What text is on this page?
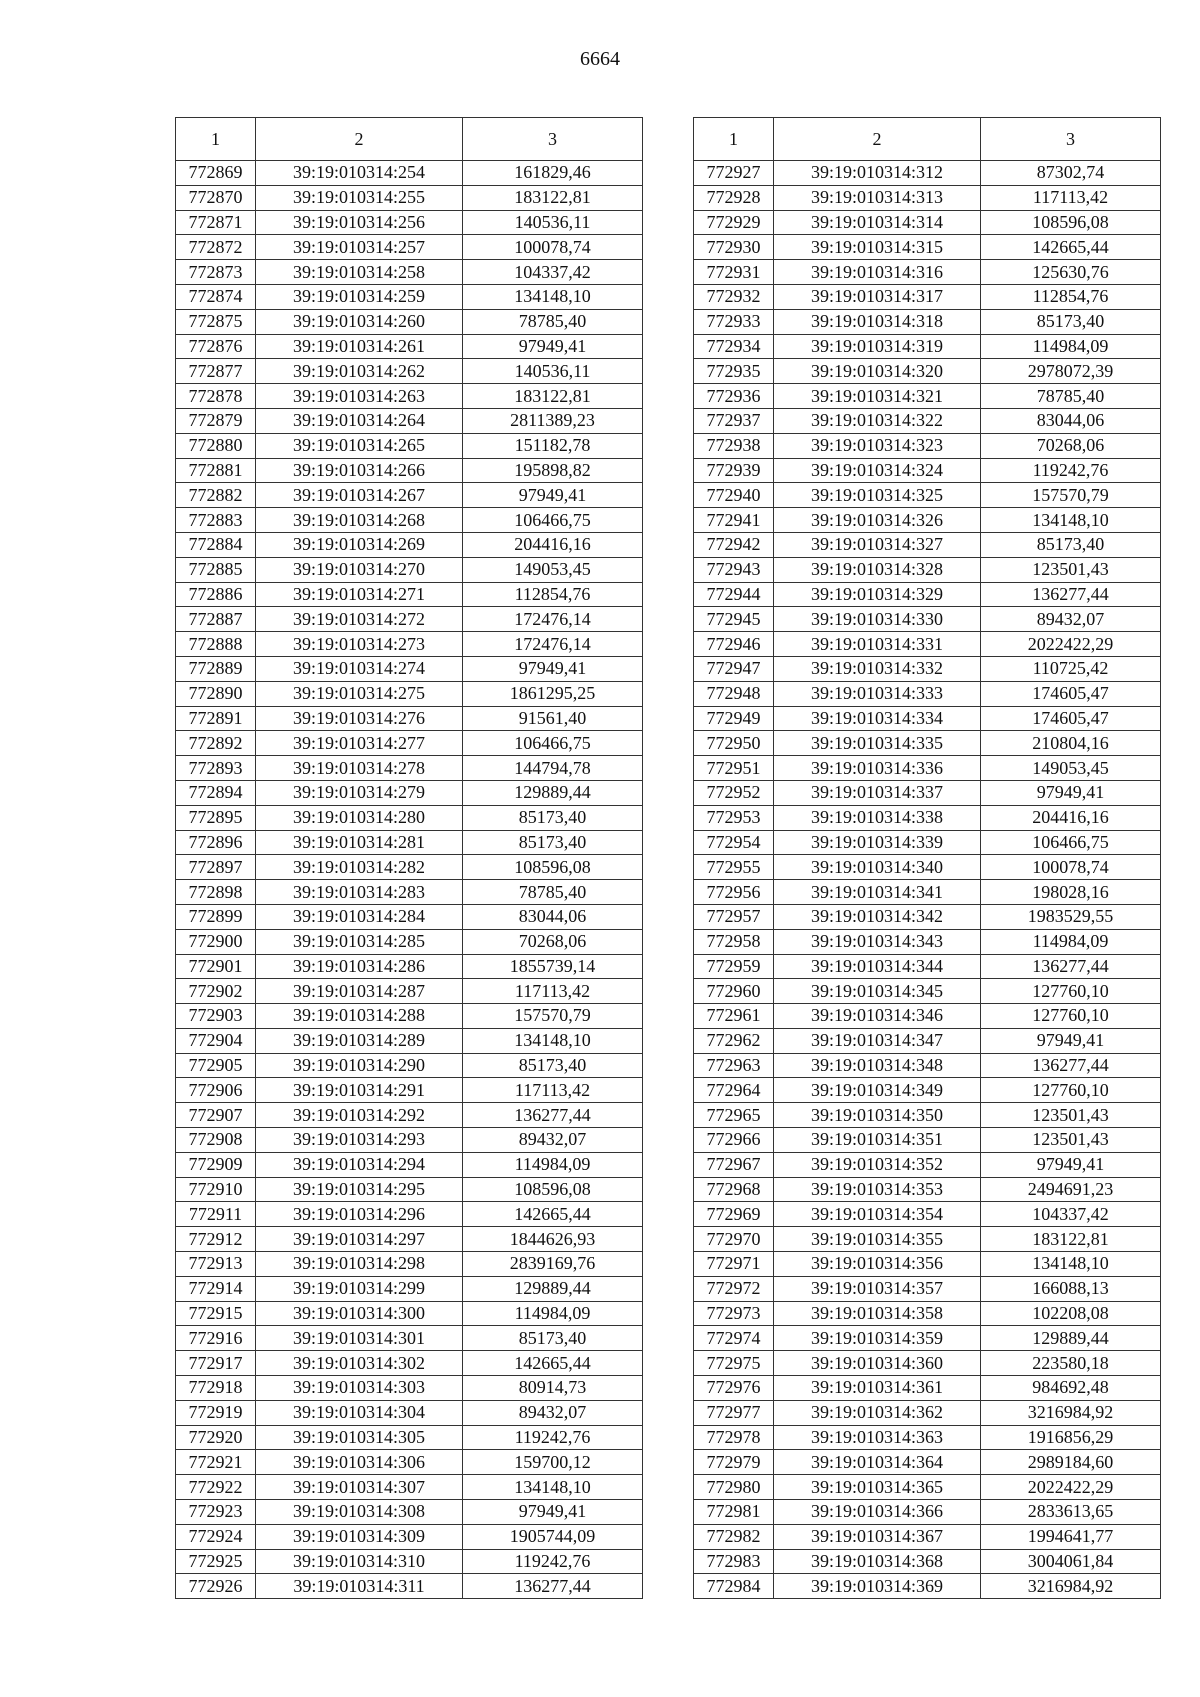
6664
1	2	3
772869	39:19:010314:254	161829,46
772870	39:19:010314:255	183122,81
772871	39:19:010314:256	140536,11
772872	39:19:010314:257	100078,74
772873	39:19:010314:258	104337,42
772874	39:19:010314:259	134148,10
772875	39:19:010314:260	78785,40
772876	39:19:010314:261	97949,41
772877	39:19:010314:262	140536,11
772878	39:19:010314:263	183122,81
772879	39:19:010314:264	2811389,23
772880	39:19:010314:265	151182,78
772881	39:19:010314:266	195898,82
772882	39:19:010314:267	97949,41
772883	39:19:010314:268	106466,75
772884	39:19:010314:269	204416,16
772885	39:19:010314:270	149053,45
772886	39:19:010314:271	112854,76
772887	39:19:010314:272	172476,14
772888	39:19:010314:273	172476,14
772889	39:19:010314:274	97949,41
772890	39:19:010314:275	1861295,25
772891	39:19:010314:276	91561,40
772892	39:19:010314:277	106466,75
772893	39:19:010314:278	144794,78
772894	39:19:010314:279	129889,44
772895	39:19:010314:280	85173,40
772896	39:19:010314:281	85173,40
772897	39:19:010314:282	108596,08
772898	39:19:010314:283	78785,40
772899	39:19:010314:284	83044,06
772900	39:19:010314:285	70268,06
772901	39:19:010314:286	1855739,14
772902	39:19:010314:287	117113,42
772903	39:19:010314:288	157570,79
772904	39:19:010314:289	134148,10
772905	39:19:010314:290	85173,40
772906	39:19:010314:291	117113,42
772907	39:19:010314:292	136277,44
772908	39:19:010314:293	89432,07
772909	39:19:010314:294	114984,09
772910	39:19:010314:295	108596,08
772911	39:19:010314:296	142665,44
772912	39:19:010314:297	1844626,93
772913	39:19:010314:298	2839169,76
772914	39:19:010314:299	129889,44
772915	39:19:010314:300	114984,09
772916	39:19:010314:301	85173,40
772917	39:19:010314:302	142665,44
772918	39:19:010314:303	80914,73
772919	39:19:010314:304	89432,07
772920	39:19:010314:305	119242,76
772921	39:19:010314:306	159700,12
772922	39:19:010314:307	134148,10
772923	39:19:010314:308	97949,41
772924	39:19:010314:309	1905744,09
772925	39:19:010314:310	119242,76
772926	39:19:010314:311	136277,44
1	2	3
772927	39:19:010314:312	87302,74
772928	39:19:010314:313	117113,42
772929	39:19:010314:314	108596,08
772930	39:19:010314:315	142665,44
772931	39:19:010314:316	125630,76
772932	39:19:010314:317	112854,76
772933	39:19:010314:318	85173,40
772934	39:19:010314:319	114984,09
772935	39:19:010314:320	2978072,39
772936	39:19:010314:321	78785,40
772937	39:19:010314:322	83044,06
772938	39:19:010314:323	70268,06
772939	39:19:010314:324	119242,76
772940	39:19:010314:325	157570,79
772941	39:19:010314:326	134148,10
772942	39:19:010314:327	85173,40
772943	39:19:010314:328	123501,43
772944	39:19:010314:329	136277,44
772945	39:19:010314:330	89432,07
772946	39:19:010314:331	2022422,29
772947	39:19:010314:332	110725,42
772948	39:19:010314:333	174605,47
772949	39:19:010314:334	174605,47
772950	39:19:010314:335	210804,16
772951	39:19:010314:336	149053,45
772952	39:19:010314:337	97949,41
772953	39:19:010314:338	204416,16
772954	39:19:010314:339	106466,75
772955	39:19:010314:340	100078,74
772956	39:19:010314:341	198028,16
772957	39:19:010314:342	1983529,55
772958	39:19:010314:343	114984,09
772959	39:19:010314:344	136277,44
772960	39:19:010314:345	127760,10
772961	39:19:010314:346	127760,10
772962	39:19:010314:347	97949,41
772963	39:19:010314:348	136277,44
772964	39:19:010314:349	127760,10
772965	39:19:010314:350	123501,43
772966	39:19:010314:351	123501,43
772967	39:19:010314:352	97949,41
772968	39:19:010314:353	2494691,23
772969	39:19:010314:354	104337,42
772970	39:19:010314:355	183122,81
772971	39:19:010314:356	134148,10
772972	39:19:010314:357	166088,13
772973	39:19:010314:358	102208,08
772974	39:19:010314:359	129889,44
772975	39:19:010314:360	223580,18
772976	39:19:010314:361	984692,48
772977	39:19:010314:362	3216984,92
772978	39:19:010314:363	1916856,29
772979	39:19:010314:364	2989184,60
772980	39:19:010314:365	2022422,29
772981	39:19:010314:366	2833613,65
772982	39:19:010314:367	1994641,77
772983	39:19:010314:368	3004061,84
772984	39:19:010314:369	3216984,92
